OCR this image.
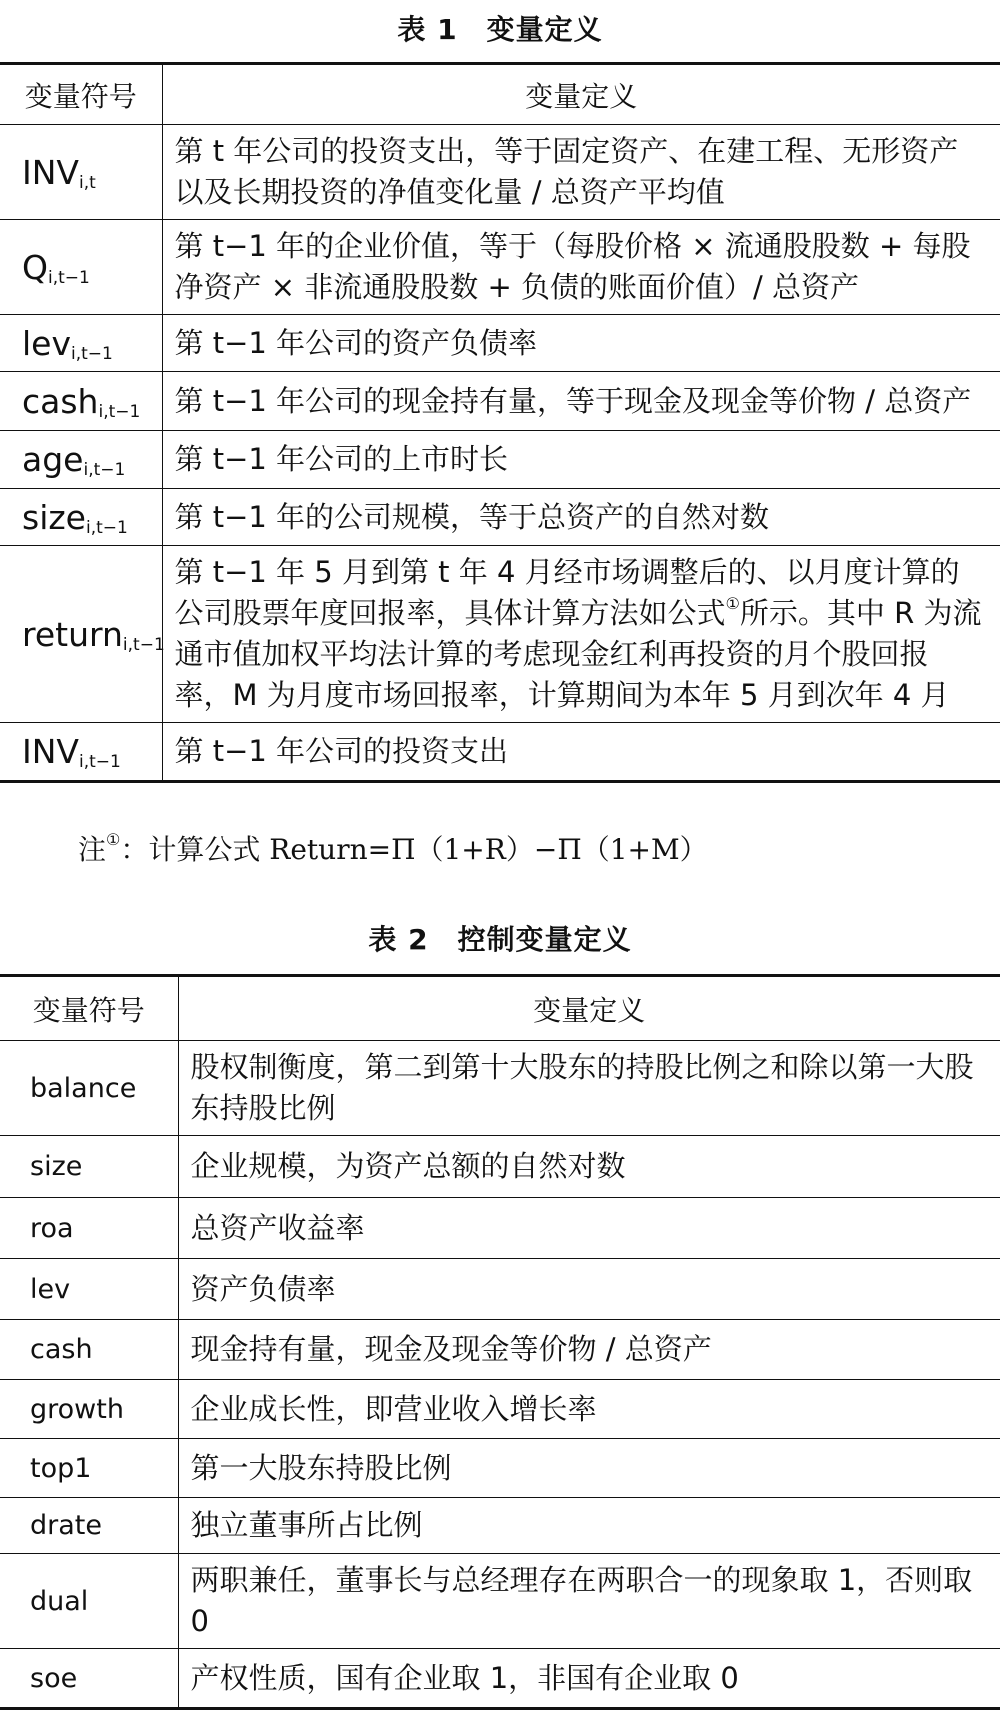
表 1　变量定义
变量符号	变量定义
$INV_{i,t}$	第 t 年公司的投资支出，等于固定资产、在建工程、无形资产以及长期投资的净值变化量 / 总资产平均值
$Q_{i,t-1}$	第 t−1 年的企业价值，等于（每股价格 × 流通股股数 + 每股净资产 × 非流通股股数 + 负债的账面价值）/ 总资产
lev$_{i,t-1}$	第 t−1 年公司的资产负债率
cash$_{i,t-1}$	第 t−1 年公司的现金持有量，等于现金及现金等价物 / 总资产
age$_{i,t-1}$	第 t−1 年公司的上市时长
size$_{i,t-1}$	第 t−1 年的公司规模，等于总资产的自然对数
return$_{i,t-1}$	第 t−1 年 5 月到第 t 年 4 月经市场调整后的、以月度计算的公司股票年度回报率，具体计算方法如公式①所示。其中 R 为流通市值加权平均法计算的考虑现金红利再投资的月个股回报率，M 为月度市场回报率，计算期间为本年 5 月到次年 4 月
$INV_{i,t-1}$	第 t−1 年公司的投资支出
注①：计算公式 Return=Π（1+R）−Π（1+M）
表 2　控制变量定义
变量符号	变量定义
balance	股权制衡度，第二到第十大股东的持股比例之和除以第一大股东持股比例
size	企业规模，为资产总额的自然对数
roa	总资产收益率
lev	资产负债率
cash	现金持有量，现金及现金等价物 / 总资产
growth	企业成长性，即营业收入增长率
top1	第一大股东持股比例
drate	独立董事所占比例
dual	两职兼任，董事长与总经理存在两职合一的现象取 1，否则取 0
soe	产权性质，国有企业取 1，非国有企业取 0
